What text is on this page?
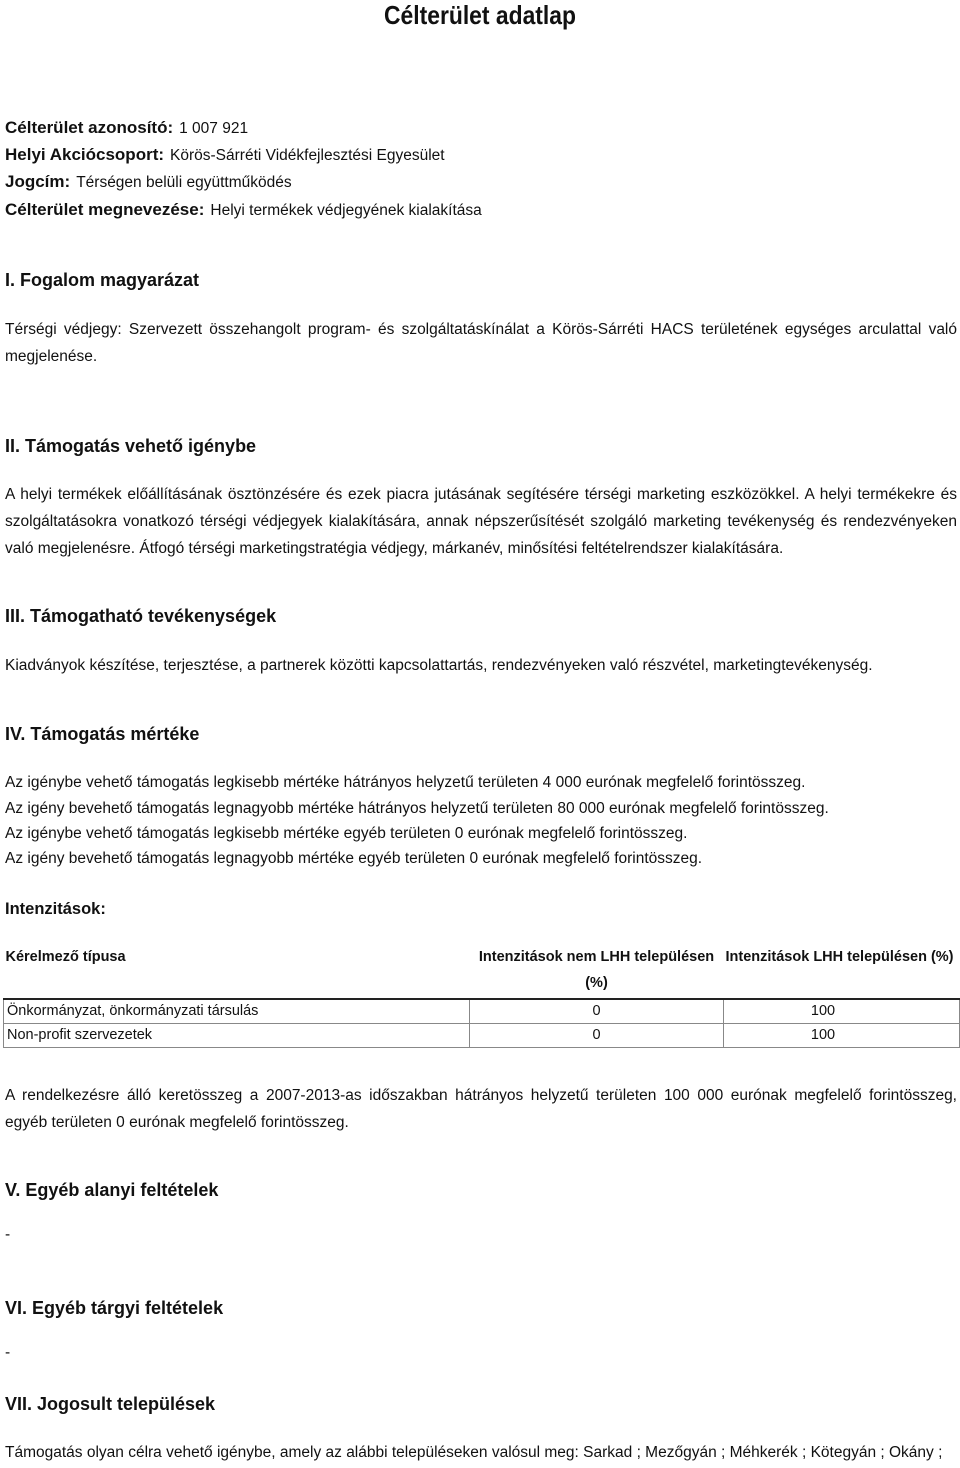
Célterület adatlap
Célterület azonosító: 1 007 921
Helyi Akciócsoport: Körös-Sárréti Vidékfejlesztési Egyesület
Jogcím: Térségen belüli együttműködés
Célterület megnevezése: Helyi termékek védjegyének kialakítása
I. Fogalom magyarázat

Térségi védjegy: Szervezett összehangolt program- és szolgáltatáskínálat a Körös-Sárréti HACS területének egységes arculattal való megjelenése.

II. Támogatás vehető igénybe

A helyi termékek előállításának ösztönzésére és ezek piacra jutásának segítésére térségi marketing eszközökkel. A helyi termékekre és szolgáltatásokra vonatkozó térségi védjegyek kialakítására, annak népszerűsítését szolgáló marketing tevékenység és rendezvényeken való megjelenésre. Átfogó térségi marketingstratégia védjegy, márkanév, minősítési feltételrendszer kialakítására.

III. Támogatható tevékenységek

Kiadványok készítése, terjesztése, a partnerek közötti kapcsolattartás, rendezvényeken való részvétel, marketingtevékenység.

IV. Támogatás mértéke
Az igénybe vehető támogatás legkisebb mértéke hátrányos helyzetű területen 4 000 eurónak megfelelő forintösszeg.
Az igény bevehető támogatás legnagyobb mértéke hátrányos helyzetű területen 80 000 eurónak megfelelő forintösszeg.
Az igénybe vehető támogatás legkisebb mértéke egyéb területen 0 eurónak megfelelő forintösszeg.
Az igény bevehető támogatás legnagyobb mértéke egyéb területen 0 eurónak megfelelő forintösszeg.
Intenzitások:
Kérelmező típusa	Intenzitások nem LHH településen (%)	Intenzitások LHH településen (%)
Önkormányzat, önkormányzati társulás	0	100
Non-profit szervezetek	0	100

A rendelkezésre álló keretösszeg a 2007-2013-as időszakban hátrányos helyzetű területen 100 000 eurónak megfelelő forintösszeg, egyéb területen 0 eurónak megfelelő forintösszeg.

V. Egyéb alanyi feltételek
-
VI. Egyéb tárgyi feltételek
-
VII. Jogosult települések
Támogatás olyan célra vehető igénybe, amely az alábbi településeken valósul meg: Sarkad ; Mezőgyán ; Méhkerék ; Kötegyán ; Okány ;
